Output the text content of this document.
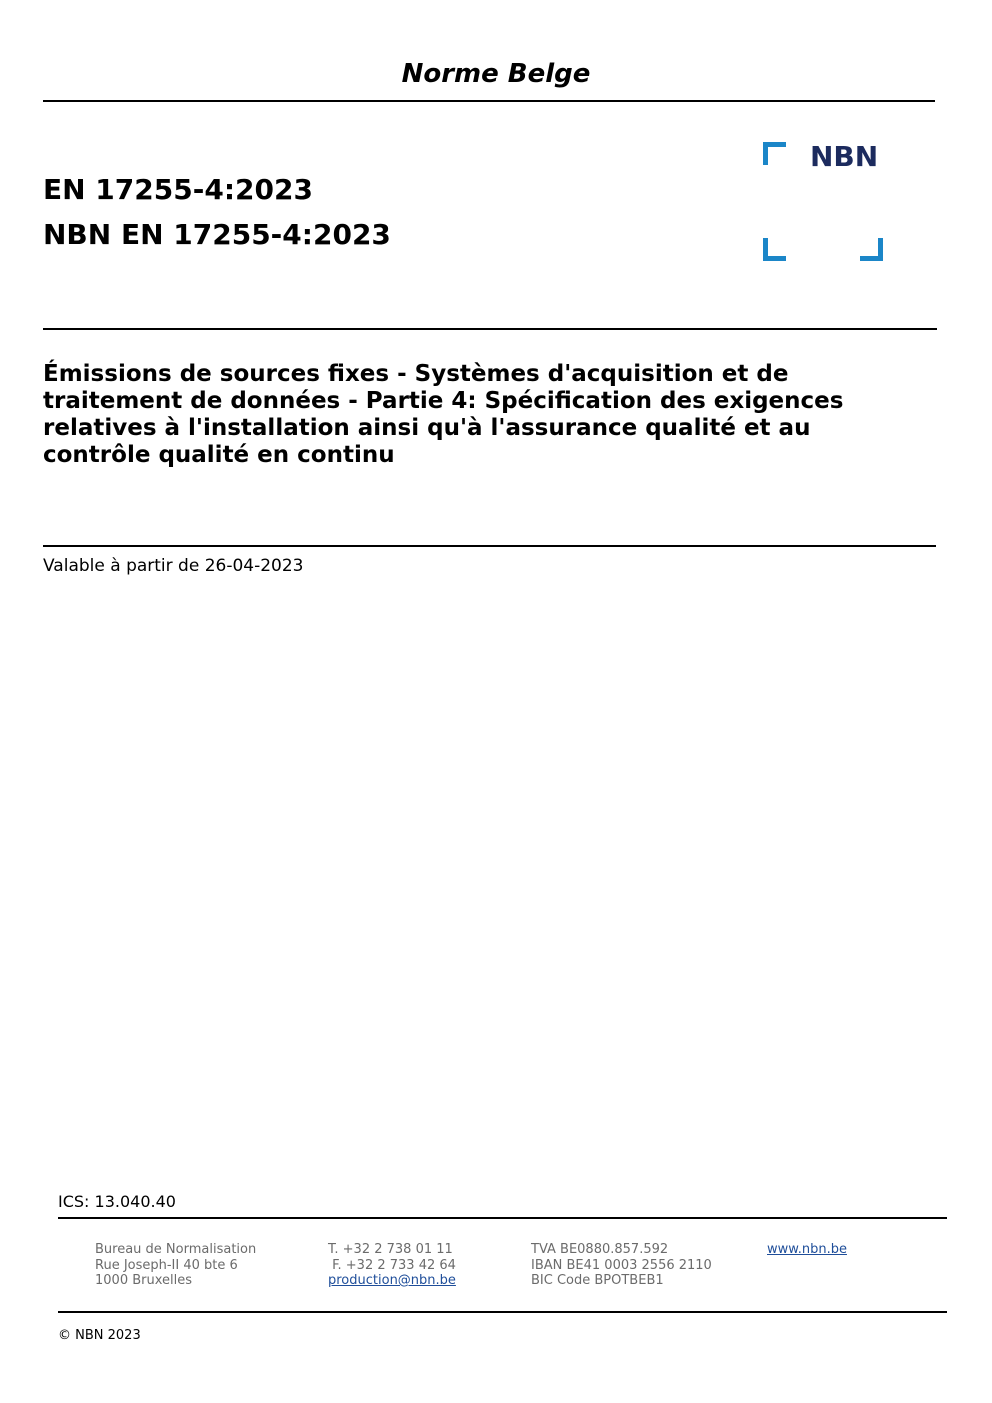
Norme Belge
EN 17255-4:2023
NBN EN 17255-4:2023
NBN
Émissions de sources fixes - Systèmes d'acquisition et de
traitement de données - Partie 4: Spécification des exigences
relatives à l'installation ainsi qu'à l'assurance qualité et au
contrôle qualité en continu
Valable à partir de 26-04-2023
ICS: 13.040.40
Bureau de Normalisation
Rue Joseph-II 40 bte 6
1000 Bruxelles
T. +32 2 738 01 11
F. +32 2 733 42 64
production@nbn.be
TVA BE0880.857.592
IBAN BE41 0003 2556 2110
BIC Code BPOTBEB1
www.nbn.be
© NBN 2023
